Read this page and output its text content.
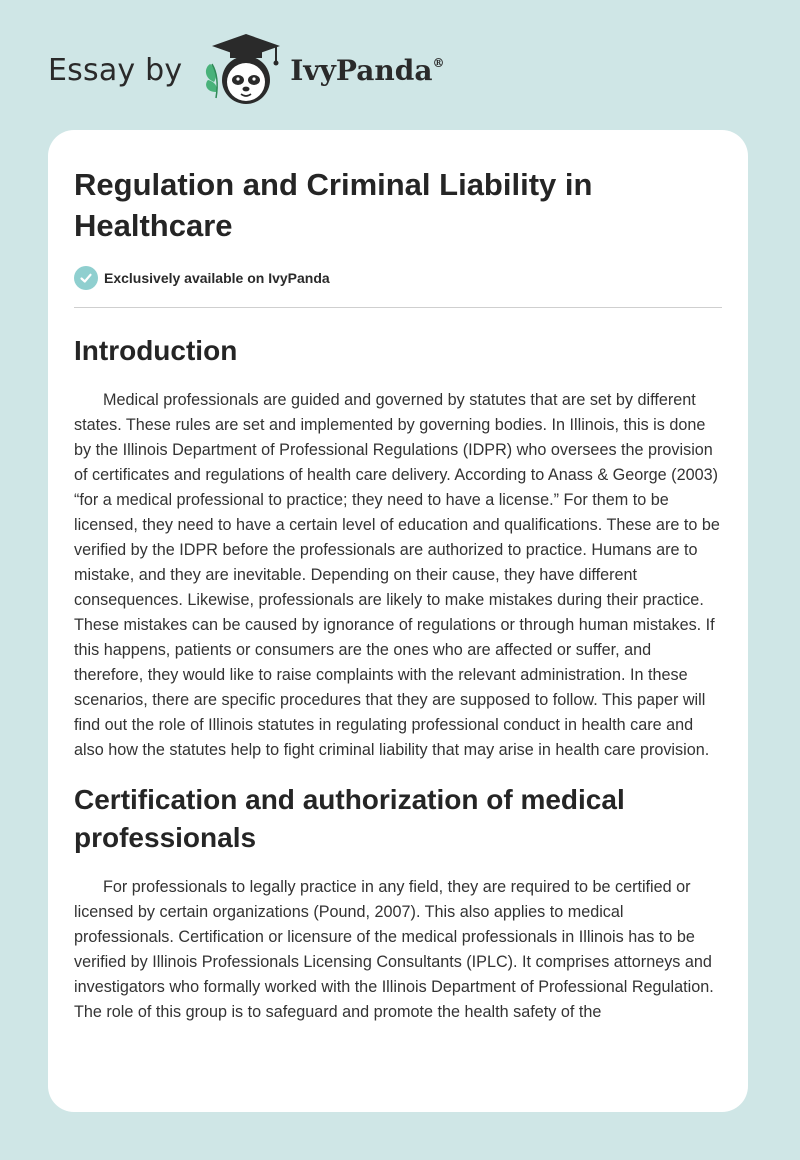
Essay by	IvyPanda®
Regulation and Criminal Liability in Healthcare
Exclusively available on IvyPanda
Introduction

Medical professionals are guided and governed by statutes that are set by different states. These rules are set and implemented by governing bodies. In Illinois, this is done by the Illinois Department of Professional Regulations (IDPR) who oversees the provision of certificates and regulations of health care delivery. According to Anass & George (2003) “for a medical professional to practice; they need to have a license.” For them to be licensed, they need to have a certain level of education and qualifications. These are to be verified by the IDPR before the professionals are authorized to practice. Humans are to mistake, and they are inevitable. Depending on their cause, they have different consequences. Likewise, professionals are likely to make mistakes during their practice. These mistakes can be caused by ignorance of regulations or through human mistakes. If this happens, patients or consumers are the ones who are affected or suffer, and therefore, they would like to raise complaints with the relevant administration. In these scenarios, there are specific procedures that they are supposed to follow. This paper will find out the role of Illinois statutes in regulating professional conduct in health care and also how the statutes help to fight criminal liability that may arise in health care provision.

Certification and authorization of medical professionals

For professionals to legally practice in any field, they are required to be certified or licensed by certain organizations (Pound, 2007). This also applies to medical professionals. Certification or licensure of the medical professionals in Illinois has to be verified by Illinois Professionals Licensing Consultants (IPLC). It comprises attorneys and investigators who formally worked with the Illinois Department of Professional Regulation. The role of this group is to safeguard and promote the health safety of the
